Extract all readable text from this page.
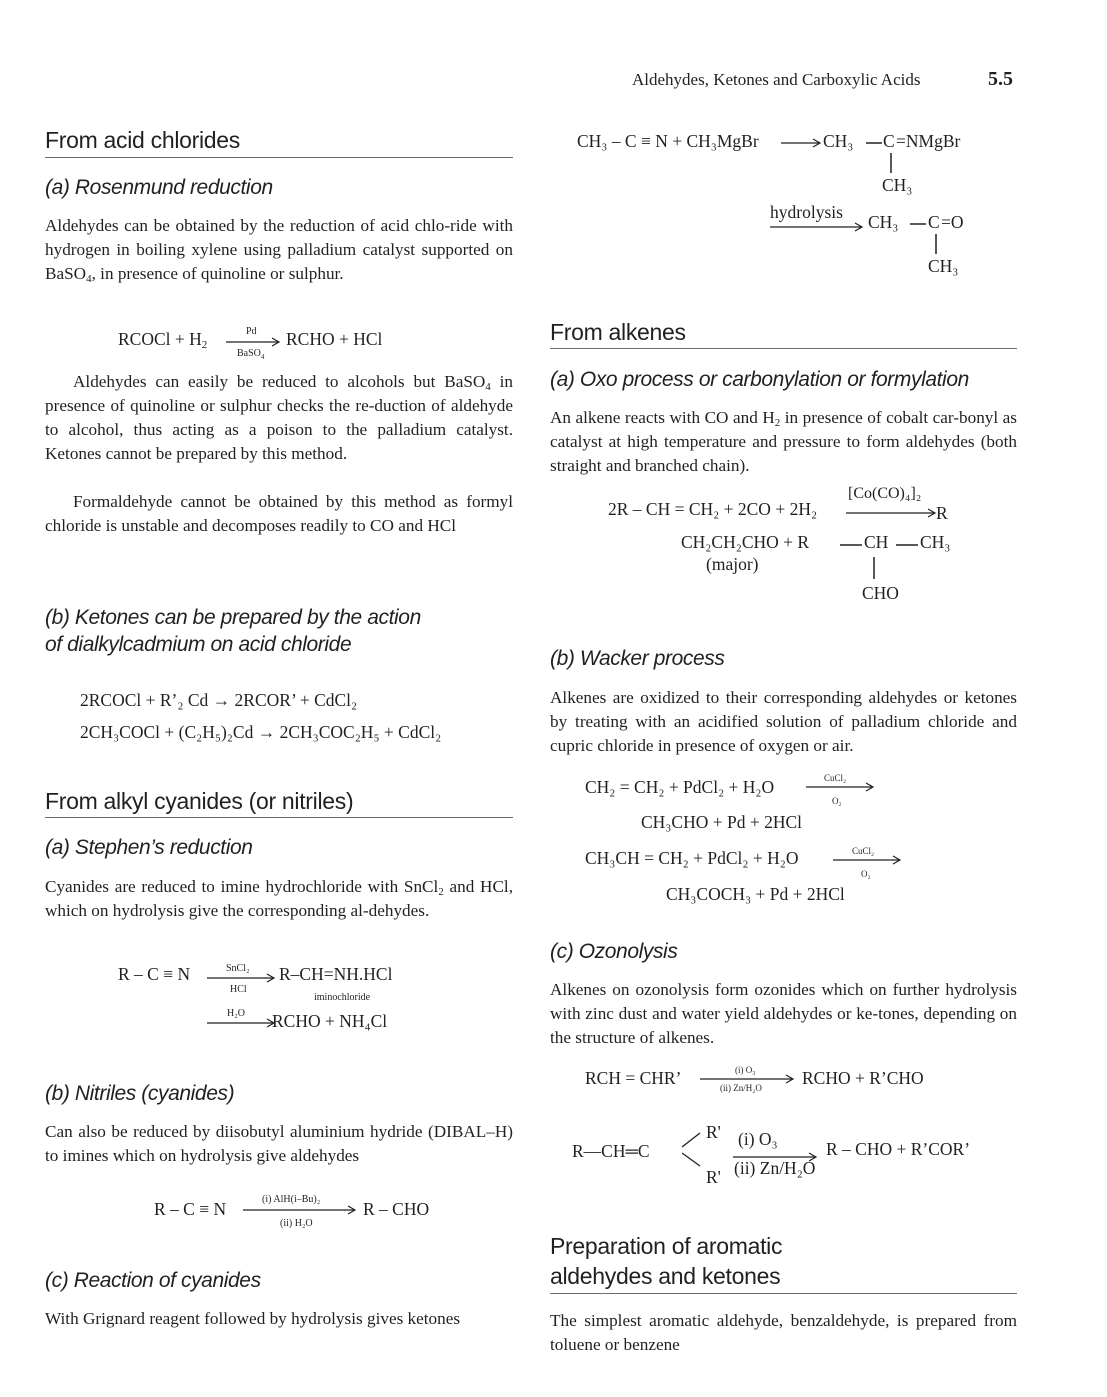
Aldehydes, Ketones and Carboxylic Acids	5.5
From acid chlorides
(a) Rosenmund reduction
Aldehydes can be obtained by the reduction of acid chlo-ride with hydrogen in boiling xylene using palladium catalyst supported on BaSO$_4$, in presence of quinoline or sulphur.
RCOCl + $H_2$
Pd
BaSO$_4$
RCHO + HCl
Aldehydes can easily be reduced to alcohols but BaSO$_4$ in presence of quinoline or sulphur checks the re-duction of aldehyde to alcohol, thus acting as a poison to the palladium catalyst. Ketones cannot be prepared by this method.
Formaldehyde cannot be obtained by this method as formyl chloride is unstable and decomposes readily to CO and HCl
(b) Ketones can be prepared by the action
of dialkylcadmium on acid chloride
2RCOCl + R’₂ Cd → 2RCOR’ + CdCl₂
2CH₃COCl + (C₂H₅)₂Cd → 2CH₃COC₂H₅ + CdCl₂
From alkyl cyanides (or nitriles)
(a) Stephen’s reduction
Cyanides are reduced to imine hydrochloride with SnCl$_2$ and HCl, which on hydrolysis give the corresponding al-dehydes.
R – C ≡ N	SnCl₂
HCl
R–CH=NH.HCl
iminochloride
H₂O RCHO + NH₄Cl
(b) Nitriles (cyanides)
Can also be reduced by diisobutyl aluminium hydride (DIBAL–H) to imines which on hydrolysis give aldehydes
R – C ≡ N	(i) AlH(i–Bu)₂
(ii) H₂O
R – CHO
(c) Reaction of cyanides
With Grignard reagent followed by hydrolysis gives ketones
CH₃ – C ≡ N + CH₃MgBr → CH₃ C =NMgBr
CH₃
hydrolysis CH₃ C =O
CH₃
From alkenes
(a) Oxo process or carbonylation or formylation
An alkene reacts with CO and $H_2$ in presence of cobalt car-bonyl as catalyst at high temperature and pressure to form aldehydes (both straight and branched chain).
2R – CH = CH₂ + 2CO + 2H₂
[Co(CO)₄]₂
R
CH₂CH₂CHO + R	CH CH₃
(major)
CHO
(b) Wacker process
Alkenes are oxidized to their corresponding aldehydes or ketones by treating with an acidified solution of palladium chloride and cupric chloride in presence of oxygen or air.
CH₂ = CH₂ + PdCl₂ + H₂O	CuCl₂
O₂
CH₃CHO + Pd + 2HCl
CH₃CH = CH₂ + PdCl₂ + H₂O	CuCl₂
O₂
CH₃COCH₃ + Pd + 2HCl
(c) Ozonolysis
Alkenes on ozonolysis form ozonides which on further hydrolysis with zinc dust and water yield aldehydes or ke-tones, depending on the structure of alkenes.
RCH = CHR’	(i) O₃
(ii) Zn/H₂O RCHO + R’CHO
R—CH═C
R'
R'
(i) O₃
(ii) Zn/H₂O
R – CHO + R’COR’
Preparation of aromatic
aldehydes and ketones
The simplest aromatic aldehyde, benzaldehyde, is prepared from toluene or benzene
